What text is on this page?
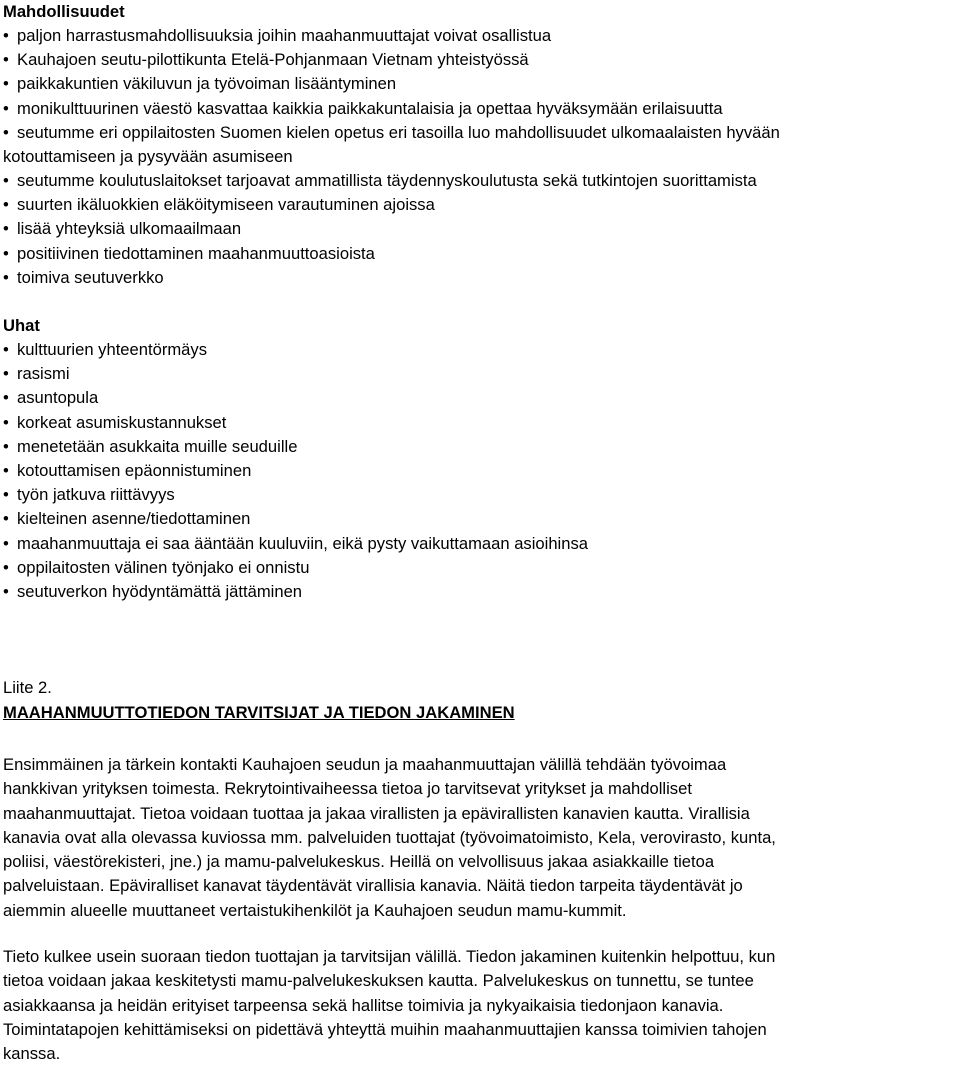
Mahdollisuudet
• paljon harrastusmahdollisuuksia joihin maahanmuuttajat voivat osallistua
• Kauhajoen seutu-pilottikunta Etelä-Pohjanmaan Vietnam yhteistyössä
• paikkakuntien väkiluvun ja työvoiman lisääntyminen
• monikulttuurinen väestö kasvattaa kaikkia paikkakuntalaisia ja opettaa hyväksymään erilaisuutta
• seutumme eri oppilaitosten Suomen kielen opetus eri tasoilla luo mahdollisuudet ulkomaalaisten hyvään
kotouttamiseen ja pysyvään asumiseen
• seutumme koulutuslaitokset tarjoavat ammatillista täydennyskoulutusta sekä tutkintojen suorittamista
• suurten ikäluokkien eläköitymiseen varautuminen ajoissa
• lisää yhteyksiä ulkomaailmaan
• positiivinen tiedottaminen maahanmuuttoasioista
• toimiva seutuverkko
Uhat
• kulttuurien yhteentörmäys
• rasismi
• asuntopula
• korkeat asumiskustannukset
• menetetään asukkaita muille seuduille
• kotouttamisen epäonnistuminen
• työn jatkuva riittävyys
• kielteinen asenne/tiedottaminen
• maahanmuuttaja ei saa ääntään kuuluviin, eikä pysty vaikuttamaan asioihinsa
• oppilaitosten välinen työnjako ei onnistu
• seutuverkon hyödyntämättä jättäminen
Liite 2.
MAAHANMUUTTOTIEDON TARVITSIJAT JA TIEDON JAKAMINEN
Ensimmäinen ja tärkein kontakti Kauhajoen seudun ja maahanmuuttajan välillä tehdään työvoimaa
hankkivan yrityksen toimesta. Rekrytointivaiheessa tietoa jo tarvitsevat yritykset ja mahdolliset
maahanmuuttajat. Tietoa voidaan tuottaa ja jakaa virallisten ja epävirallisten kanavien kautta. Virallisia
kanavia ovat alla olevassa kuviossa mm. palveluiden tuottajat (työvoimatoimisto, Kela, verovirasto, kunta,
poliisi, väestörekisteri, jne.) ja mamu-palvelukeskus. Heillä on velvollisuus jakaa asiakkaille tietoa
palveluistaan. Epäviralliset kanavat täydentävät virallisia kanavia. Näitä tiedon tarpeita täydentävät jo
aiemmin alueelle muuttaneet vertaistukihenkilöt ja Kauhajoen seudun mamu-kummit.
Tieto kulkee usein suoraan tiedon tuottajan ja tarvitsijan välillä. Tiedon jakaminen kuitenkin helpottuu, kun
tietoa voidaan jakaa keskitetysti mamu-palvelukeskuksen kautta. Palvelukeskus on tunnettu, se tuntee
asiakkaansa ja heidän erityiset tarpeensa sekä hallitse toimivia ja nykyaikaisia tiedonjaon kanavia.
Toimintatapojen kehittämiseksi on pidettävä yhteyttä muihin maahanmuuttajien kanssa toimivien tahojen
kanssa.
